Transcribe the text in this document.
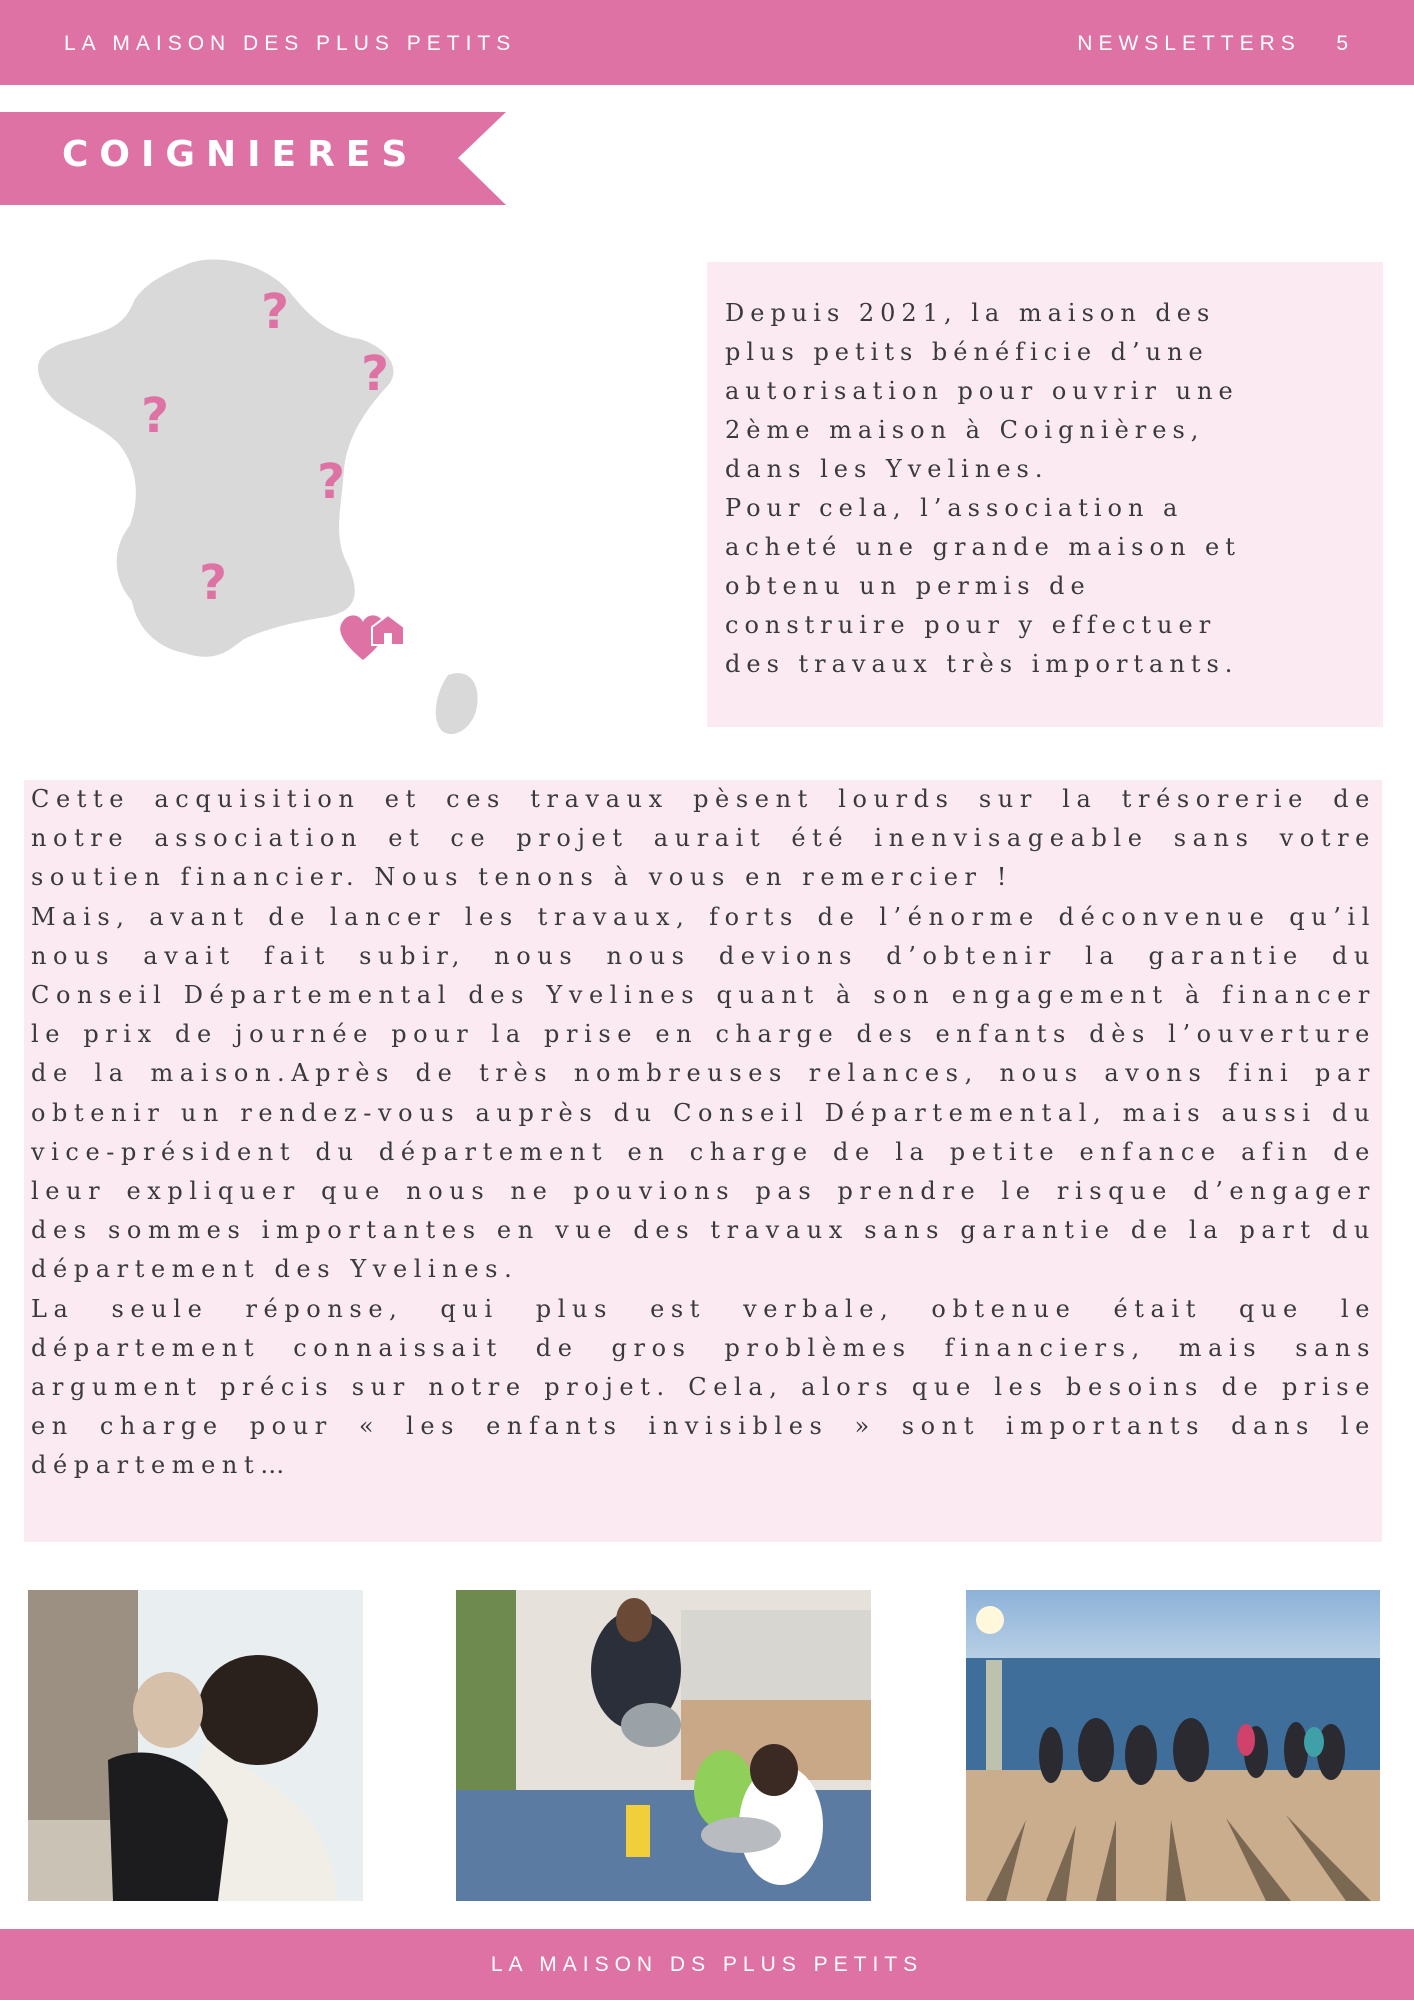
LA MAISON DES PLUS PETITS	NEWSLETTERS   5
COIGNIERES
?
?
?
?
?
Depuis 2021, la maison des
plus petits bénéficie d’une
autorisation pour ouvrir une
2ème maison à Coignières,
dans les Yvelines.
Pour cela, l’association a
acheté une grande maison et
obtenu un permis de
construire pour y effectuer
des travaux très importants.

Cette acquisition et ces travaux pèsent lourds sur la trésorerie de notre association et ce projet aurait été inenvisageable sans votre soutien financier. Nous tenons à vous en remercier !

Mais, avant de lancer les travaux, forts de l’énorme déconvenue qu’il nous avait fait subir, nous nous devions d’obtenir la garantie du Conseil Départemental des Yvelines quant à son engagement à financer le prix de journée pour la prise en charge des enfants dès l’ouverture de la maison.Après de très nombreuses relances, nous avons fini par obtenir un rendez-vous auprès du Conseil Départemental, mais aussi du vice-président du département en charge de la petite enfance afin de leur expliquer que nous ne pouvions pas prendre le risque d’engager des sommes importantes en vue des travaux sans garantie de la part du département des Yvelines.

La seule réponse, qui plus est verbale, obtenue était que le département connaissait de gros problèmes financiers, mais sans argument précis sur notre projet. Cela, alors que les besoins de prise en charge pour « les enfants invisibles » sont importants dans le département…

LA MAISON DS PLUS PETITS
